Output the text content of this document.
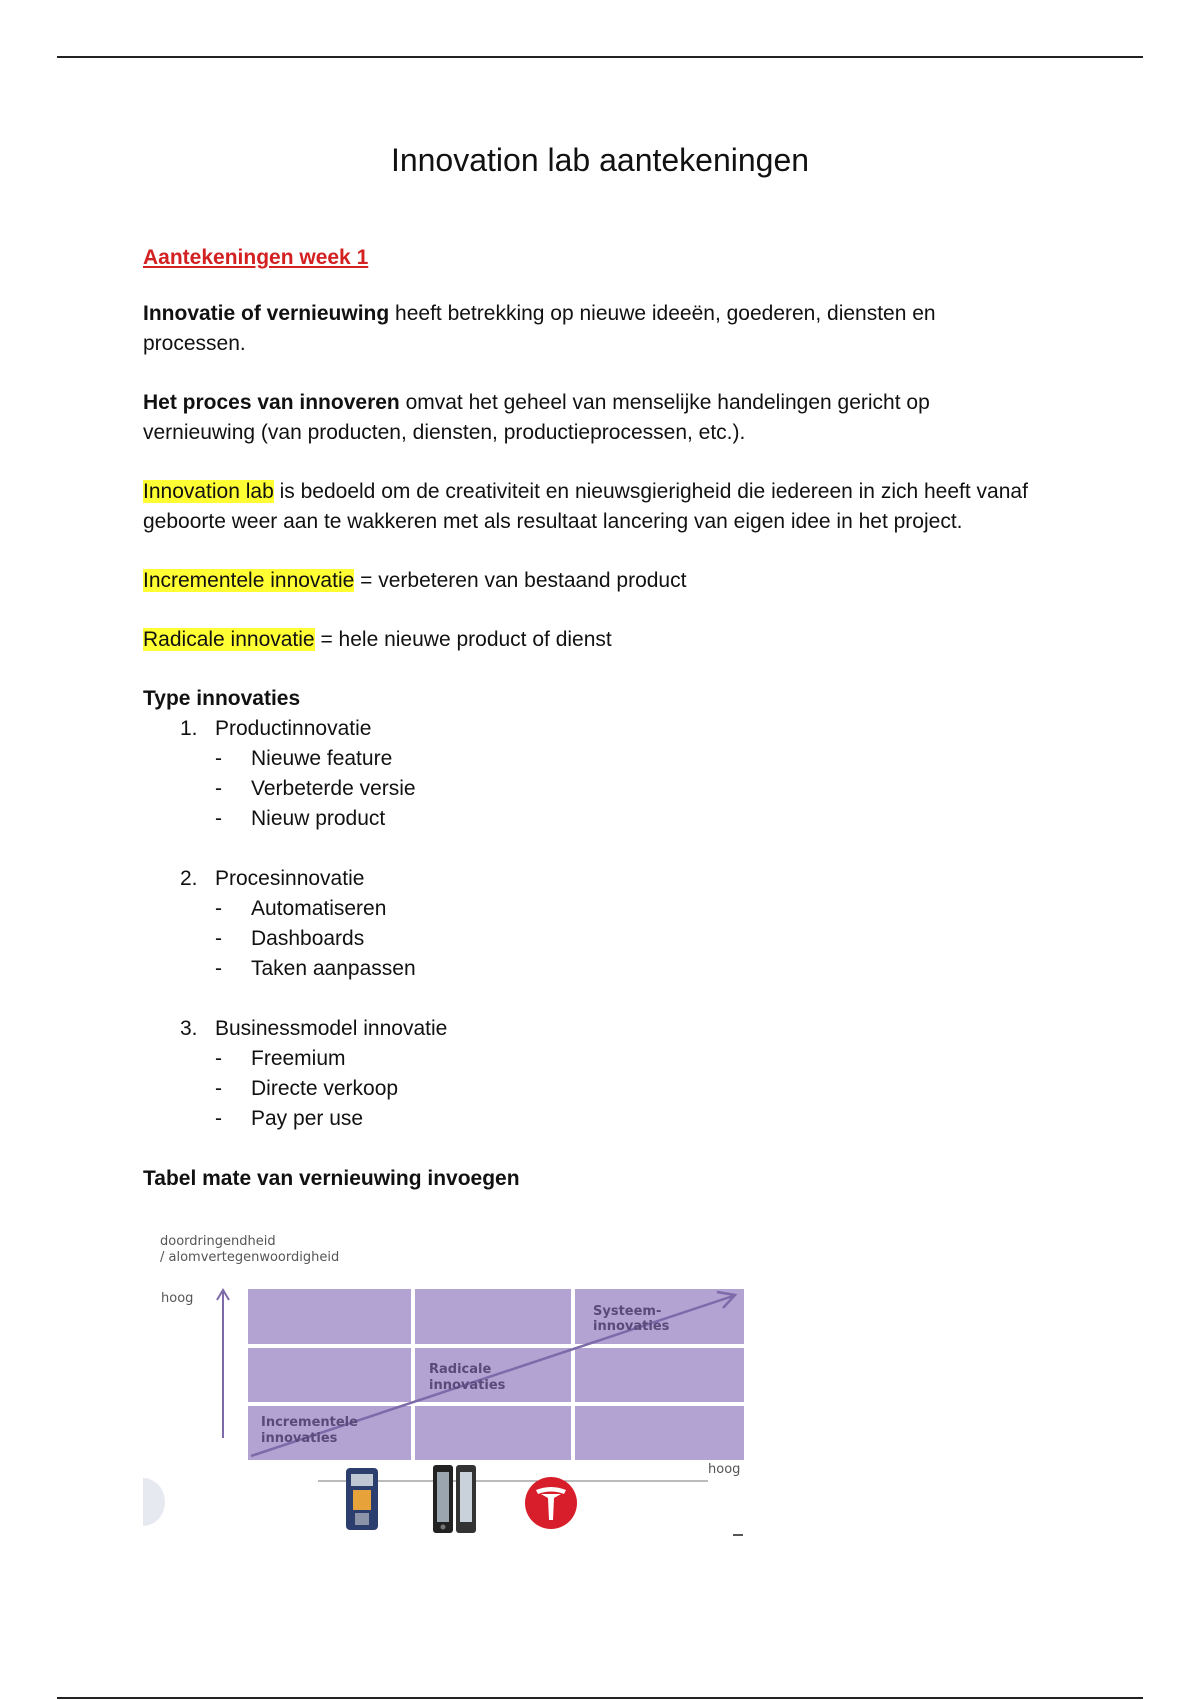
Innovation lab aantekeningen
Aantekeningen week 1

Innovatie of vernieuwing heeft betrekking op nieuwe ideeën, goederen, diensten en processen.

Het proces van innoveren omvat het geheel van menselijke handelingen gericht op vernieuwing (van producten, diensten, productieprocessen, etc.).

Innovation lab is bedoeld om de creativiteit en nieuwsgierigheid die iedereen in zich heeft vanaf geboorte weer aan te wakkeren met als resultaat lancering van eigen idee in het project.

Incrementele innovatie = verbeteren van bestaand product

Radicale innovatie = hele nieuwe product of dienst

Type innovaties
1. Productinnovatie
- Nieuwe feature
- Verbeterde versie
- Nieuw product
2. Procesinnovatie
- Automatiseren
- Dashboards
- Taken aanpassen
3. Businessmodel innovatie
- Freemium
- Directe verkoop
- Pay per use
Tabel mate van vernieuwing invoegen
doordringendheid
/ alomvertegenwoordigheid
hoog
Systeem-
innovaties
Radicale
innovaties
Incrementele
innovaties
hoog
